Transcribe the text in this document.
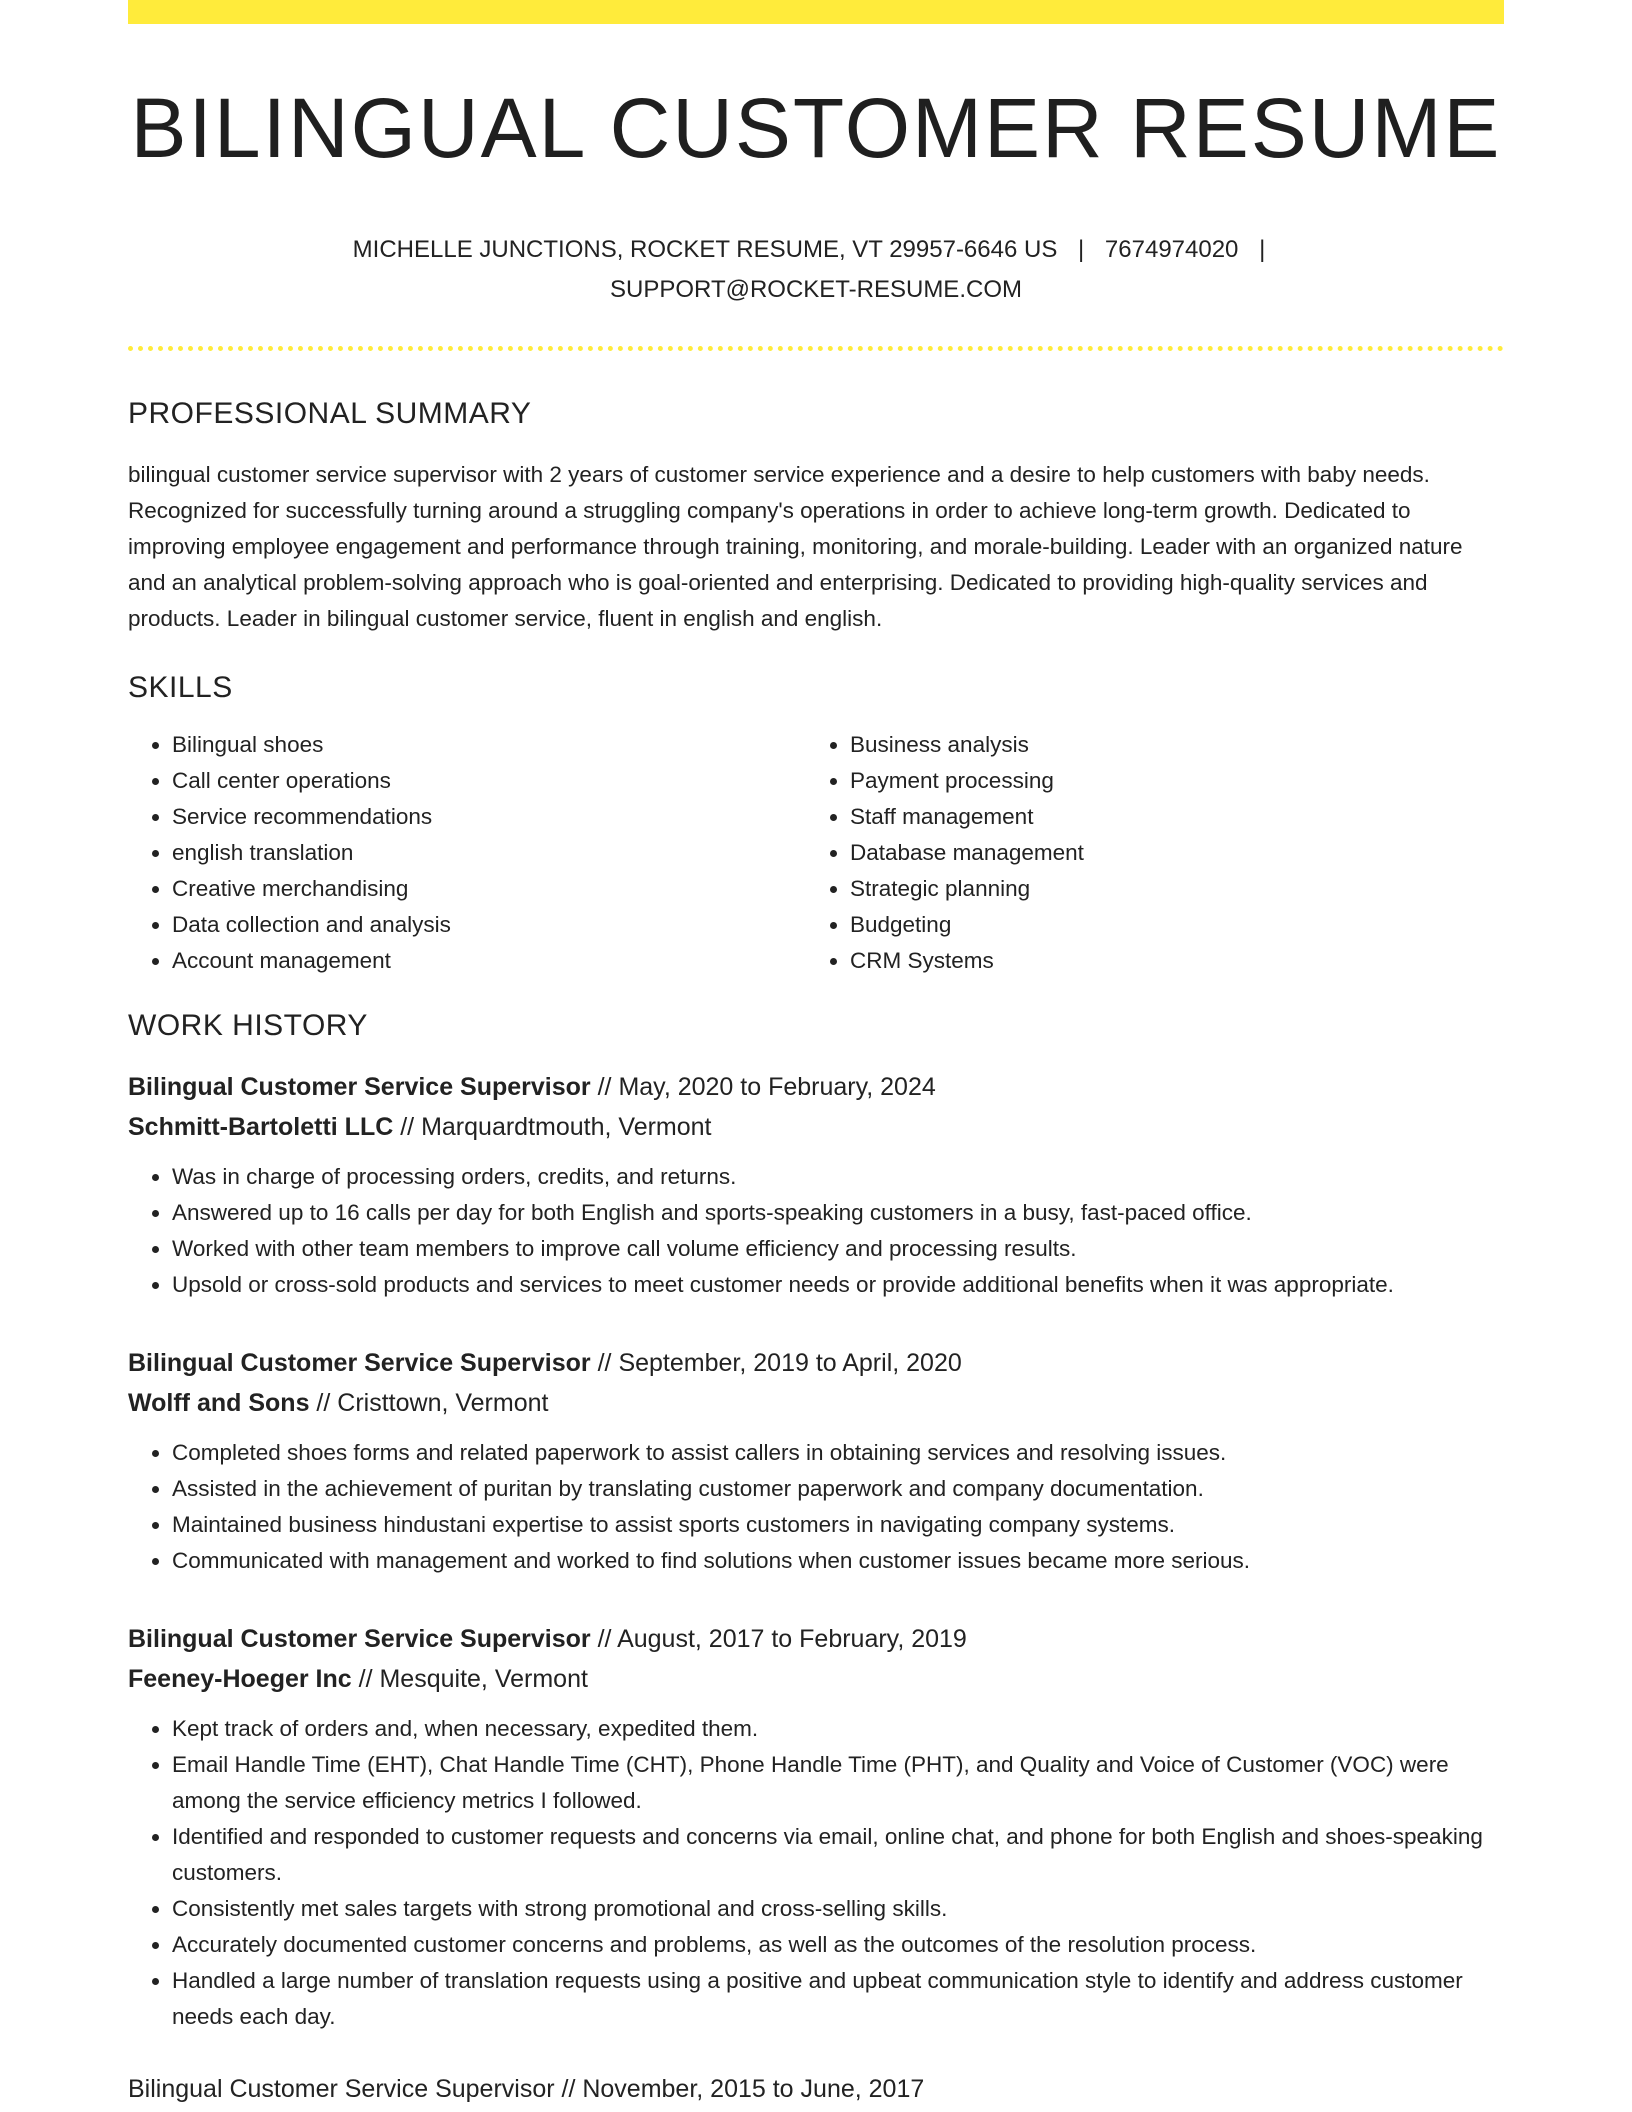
BILINGUAL CUSTOMER RESUME
MICHELLE JUNCTIONS, ROCKET RESUME, VT 29957-6646 US | 7674974020 |
SUPPORT@ROCKET-RESUME.COM
PROFESSIONAL SUMMARY

bilingual customer service supervisor with 2 years of customer service experience and a desire to help customers with baby needs. Recognized for successfully turning around a struggling company's operations in order to achieve long-term growth. Dedicated to improving employee engagement and performance through training, monitoring, and morale-building. Leader with an organized nature and an analytical problem-solving approach who is goal-oriented and enterprising. Dedicated to providing high-quality services and products. Leader in bilingual customer service, fluent in english and english.

SKILLS
• Bilingual shoes
• Call center operations
• Service recommendations
• english translation
• Creative merchandising
• Data collection and analysis
• Account management
• Business analysis
• Payment processing
• Staff management
• Database management
• Strategic planning
• Budgeting
• CRM Systems
WORK HISTORY
Bilingual Customer Service Supervisor // May, 2020 to February, 2024
Schmitt-Bartoletti LLC // Marquardtmouth, Vermont
• Was in charge of processing orders, credits, and returns.
• Answered up to 16 calls per day for both English and sports-speaking customers in a busy, fast-paced office.
• Worked with other team members to improve call volume efficiency and processing results.
• Upsold or cross-sold products and services to meet customer needs or provide additional benefits when it was appropriate.
Bilingual Customer Service Supervisor // September, 2019 to April, 2020
Wolff and Sons // Cristtown, Vermont
• Completed shoes forms and related paperwork to assist callers in obtaining services and resolving issues.
• Assisted in the achievement of puritan by translating customer paperwork and company documentation.
• Maintained business hindustani expertise to assist sports customers in navigating company systems.
• Communicated with management and worked to find solutions when customer issues became more serious.
Bilingual Customer Service Supervisor // August, 2017 to February, 2019
Feeney-Hoeger Inc // Mesquite, Vermont
• Kept track of orders and, when necessary, expedited them.
• Email Handle Time (EHT), Chat Handle Time (CHT), Phone Handle Time (PHT), and Quality and Voice of Customer (VOC) were among the service efficiency metrics I followed.
• Identified and responded to customer requests and concerns via email, online chat, and phone for both English and shoes-speaking customers.
• Consistently met sales targets with strong promotional and cross-selling skills.
• Accurately documented customer concerns and problems, as well as the outcomes of the resolution process.
• Handled a large number of translation requests using a positive and upbeat communication style to identify and address customer needs each day.
Bilingual Customer Service Supervisor // November, 2015 to June, 2017
